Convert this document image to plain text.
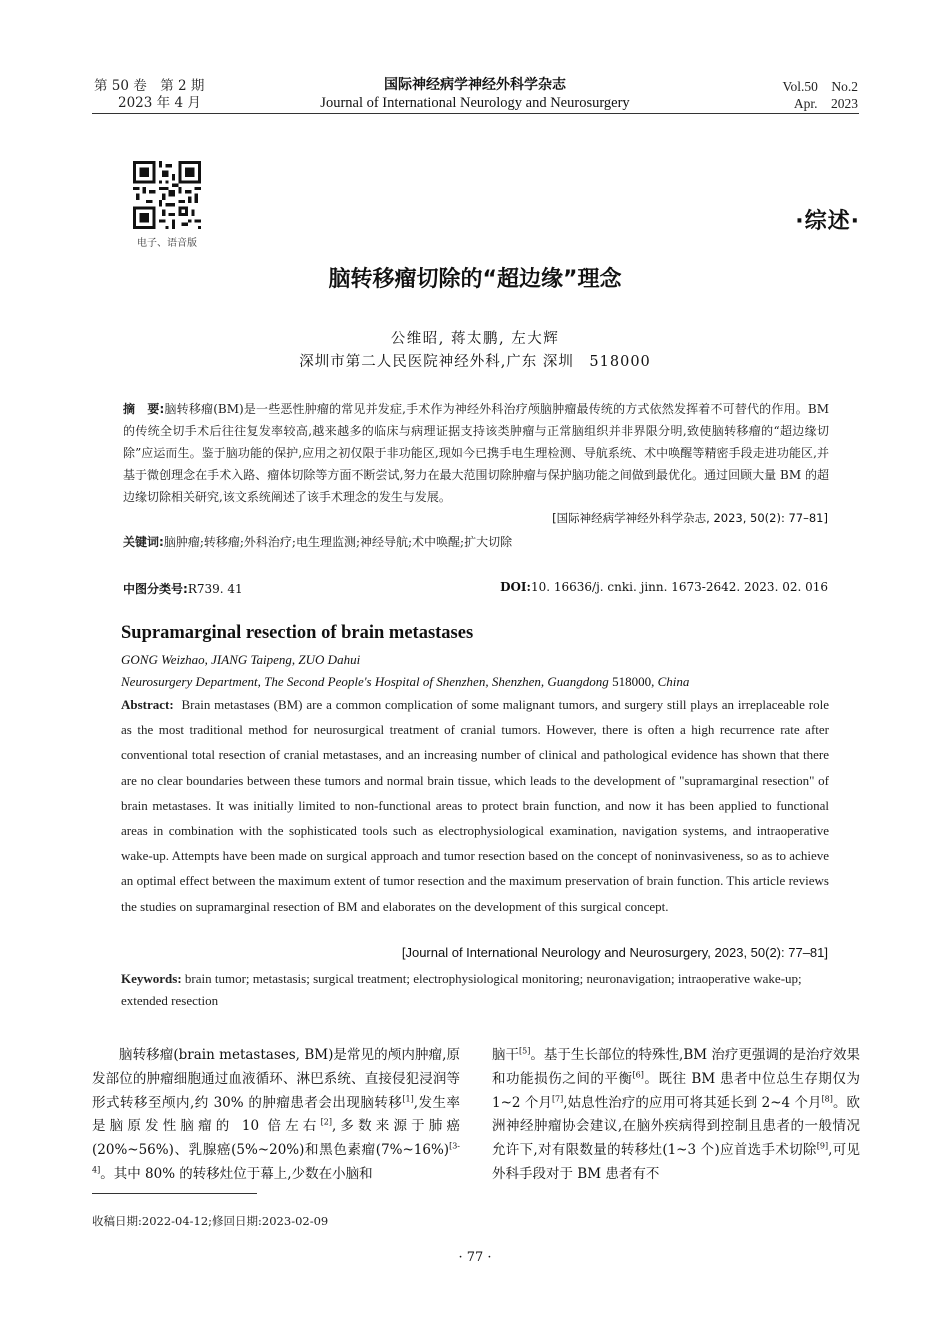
第 50 卷　第 2 期
2023 年 4 月
国际神经病学神经外科学杂志
Journal of International Neurology and Neurosurgery
Vol.50　No.2
Apr.　2023
电子、语音版
·综述·
脑转移瘤切除的“超边缘”理念
公维昭, 蒋太鹏, 左大辉
深圳市第二人民医院神经外科,广东 深圳　518000
摘　要:脑转移瘤(BM)是一些恶性肿瘤的常见并发症,手术作为神经外科治疗颅脑肿瘤最传统的方式依然发挥着不可替代的作用。BM 的传统全切手术后往往复发率较高,越来越多的临床与病理证据支持该类肿瘤与正常脑组织并非界限分明,致使脑转移瘤的“超边缘切除”应运而生。鉴于脑功能的保护,应用之初仅限于非功能区,现如今已携手电生理检测、导航系统、术中唤醒等精密手段走进功能区,并基于微创理念在手术入路、瘤体切除等方面不断尝试,努力在最大范围切除肿瘤与保护脑功能之间做到最优化。通过回顾大量 BM 的超边缘切除相关研究,该文系统阐述了该手术理念的发生与发展。
[国际神经病学神经外科学杂志, 2023, 50(2): 77–81]
关键词:脑肿瘤;转移瘤;外科治疗;电生理监测;神经导航;术中唤醒;扩大切除
中图分类号:R739. 41	DOI:10. 16636/j. cnki. jinn. 1673-2642. 2023. 02. 016
Supramarginal resection of brain metastases
GONG Weizhao, JIANG Taipeng, ZUO Dahui
Neurosurgery Department, The Second People's Hospital of Shenzhen, Shenzhen, Guangdong 518000, China
Abstract: Brain metastases (BM) are a common complication of some malignant tumors, and surgery still plays an irreplaceable role as the most traditional method for neurosurgical treatment of cranial tumors. However, there is often a high recurrence rate after conventional total resection of cranial metastases, and an increasing number of clinical and pathological evidence has shown that there are no clear boundaries between these tumors and normal brain tissue, which leads to the development of "supramarginal resection" of brain metastases. It was initially limited to non-functional areas to protect brain function, and now it has been applied to functional areas in combination with the sophisticated tools such as electrophysiological examination, navigation systems, and intraoperative wake-up. Attempts have been made on surgical approach and tumor resection based on the concept of noninvasiveness, so as to achieve an optimal effect between the maximum extent of tumor resection and the maximum preservation of brain function. This article reviews the studies on supramarginal resection of BM and elaborates on the development of this surgical concept.
[Journal of International Neurology and Neurosurgery, 2023, 50(2): 77–81]
Keywords: brain tumor; metastasis; surgical treatment; electrophysiological monitoring; neuronavigation; intraoperative wake-up; extended resection
脑转移瘤(brain metastases, BM)是常见的颅内肿瘤,原发部位的肿瘤细胞通过血液循环、淋巴系统、直接侵犯浸润等形式转移至颅内,约 30% 的肿瘤患者会出现脑转移[1],发生率是脑原发性脑瘤的 10 倍左右[2],多数来源于肺癌(20%~56%)、乳腺癌(5%~20%)和黑色素瘤(7%~16%)[3-4]。其中 80% 的转移灶位于幕上,少数在小脑和
脑干[5]。基于生长部位的特殊性,BM 治疗更强调的是治疗效果和功能损伤之间的平衡[6]。既往 BM 患者中位总生存期仅为 1~2 个月[7],姑息性治疗的应用可将其延长到 2~4 个月[8]。欧洲神经肿瘤协会建议,在脑外疾病得到控制且患者的一般情况允许下,对有限数量的转移灶(1~3 个)应首选手术切除[9],可见外科手段对于 BM 患者有不
收稿日期:2022-04-12;修回日期:2023-02-09
· 77 ·
